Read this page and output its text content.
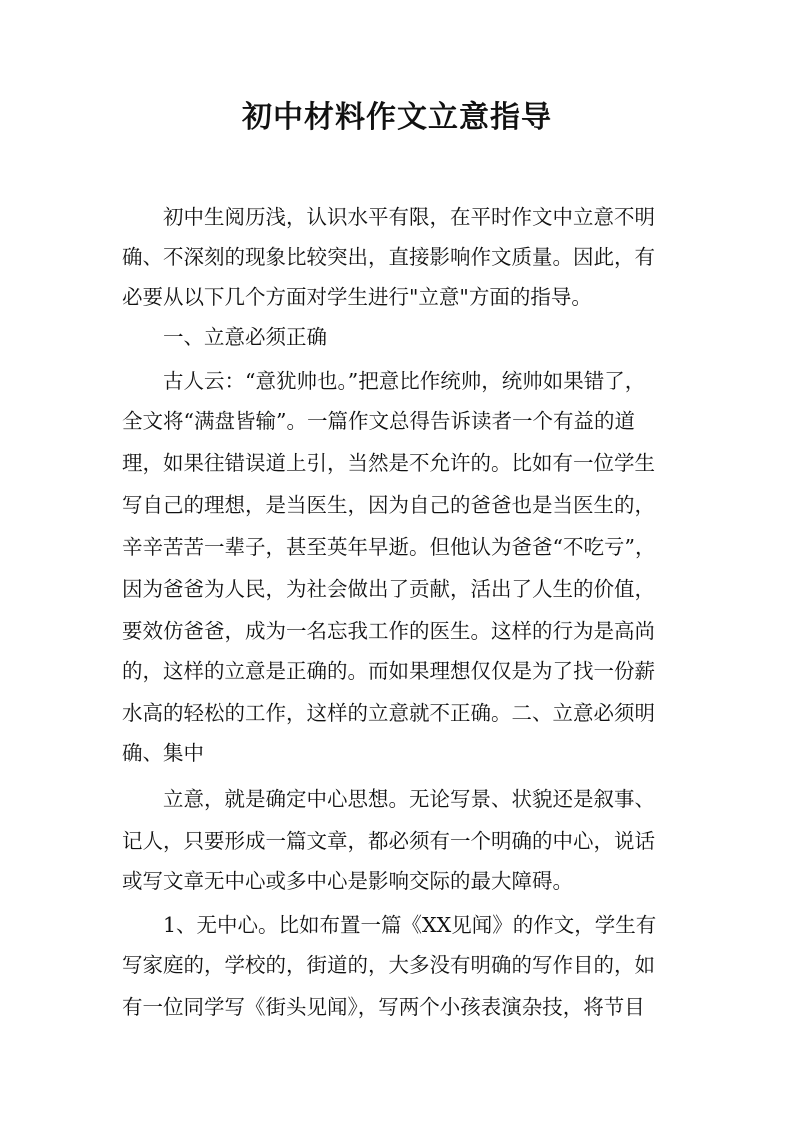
初中材料作文立意指导
初中生阅历浅，认识水平有限，在平时作文中立意不明
确、不深刻的现象比较突出，直接影响作文质量。因此，有
必要从以下几个方面对学生进行"立意"方面的指导。
一、立意必须正确
古人云：“意犹帅也。”把意比作统帅，统帅如果错了，
全文将“满盘皆输”。一篇作文总得告诉读者一个有益的道
理，如果往错误道上引，当然是不允许的。比如有一位学生
写自己的理想，是当医生，因为自己的爸爸也是当医生的，
辛辛苦苦一辈子，甚至英年早逝。但他认为爸爸“不吃亏”，
因为爸爸为人民，为社会做出了贡献，活出了人生的价值，
要效仿爸爸，成为一名忘我工作的医生。这样的行为是高尚
的，这样的立意是正确的。而如果理想仅仅是为了找一份薪
水高的轻松的工作，这样的立意就不正确。二、立意必须明
确、集中
立意，就是确定中心思想。无论写景、状貌还是叙事、
记人，只要形成一篇文章，都必须有一个明确的中心，说话
或写文章无中心或多中心是影响交际的最大障碍。
1、无中心。比如布置一篇《XX见闻》的作文，学生有
写家庭的，学校的，街道的，大多没有明确的写作目的，如
有一位同学写《街头见闻》，写两个小孩表演杂技，将节目
